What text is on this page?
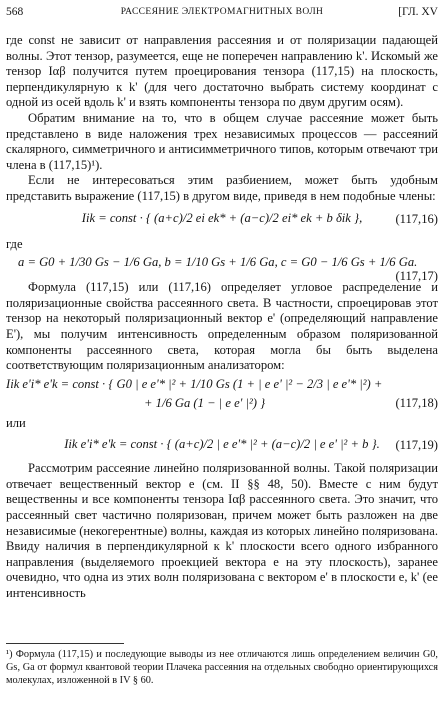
568	РАССЕЯНИЕ ЭЛЕКТРОМАГНИТНЫХ ВОЛН	[ГЛ. XV

где const не зависит от направления рассеяния и от поляризации падающей волны. Этот тензор, разумеется, еще не поперечен направлению k'. Искомый же тензор Iαβ получится путем проецирования тензора (117,15) на плоскость, перпендикулярную к k' (для чего достаточно выбрать систему координат с одной из осей вдоль k' и взять компоненты тензора по двум другим осям).

Обратим внимание на то, что в общем случае рассеяние может быть представлено в виде наложения трех независимых процессов — рассеяний скалярного, симметричного и антисимметричного типов, которым отвечают три члена в (117,15)¹).

Если не интересоваться этим разбиением, может быть удобным представить выражение (117,15) в другом виде, приведя в нем подобные члены:

Iik = const · { (a+c)/2 ei ek* + (a−c)/2 ei* ek + b δik },	(117,16)

где

a = G0 + 1/30 Gs − 1/6 Ga, b = 1/10 Gs + 1/6 Ga, c = G0 − 1/6 Gs + 1/6 Ga.
(117,17)

Формула (117,15) или (117,16) определяет угловое распределение и поляризационные свойства рассеянного света. В частности, спроецировав этот тензор на некоторый поляризационный вектор e' (определяющий направление E'), мы получим интенсивность определенным образом поляризованной компоненты рассеянного света, которая могла бы быть выделена соответствующим поляризационным анализатором:

Iik e'i* e'k = const · { G0 | e e'* |² + 1/10 Gs (1 + | e e' |² − 2/3 | e e'* |²) +
+ 1/6 Ga (1 − | e e' |²) }	(117,18)

или

Iik e'i* e'k = const · { (a+c)/2 | e e'* |² + (a−c)/2 | e e' |² + b }.	(117,19)

Рассмотрим рассеяние линейно поляризованной волны. Такой поляризации отвечает вещественный вектор e (см. II §§ 48, 50). Вместе с ним будут вещественны и все компоненты тензора Iαβ рассеянного света. Это значит, что рассеянный свет частично поляризован, причем может быть разложен на две независимые (некогерентные) волны, каждая из которых линейно поляризована. Ввиду наличия в перпендикулярной к k' плоскости всего одного избранного направления (выделяемого проекцией вектора e на эту плоскость), заранее очевидно, что одна из этих волн поляризована с вектором e' в плоскости e, k' (ее интенсивность

¹) Формула (117,15) и последующие выводы из нее отличаются лишь определением величин G0, Gs, Ga от формул квантовой теории Плачека рассеяния на отдельных свободно ориентирующихся молекулах, изложенной в IV § 60.
